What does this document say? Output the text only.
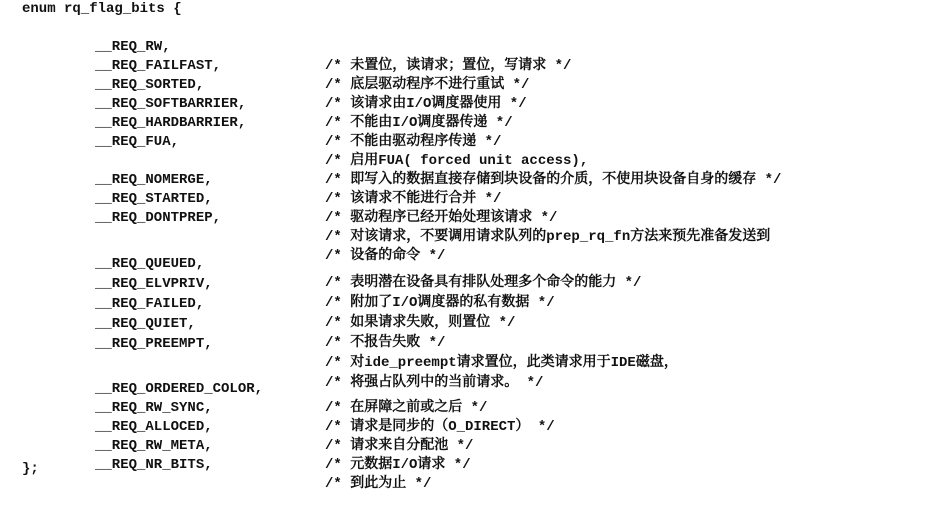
enum rq_flag_bits {

__REQ_RW,

/* 未置位，读请求；置位，写请求 */

__REQ_FAILFAST,

/* 底层驱动程序不进行重试 */

__REQ_SORTED,

/* 该请求由I/O调度器使用 */

__REQ_SOFTBARRIER,

/* 不能由I/O调度器传递 */

__REQ_HARDBARRIER,

/* 不能由驱动程序传递 */

__REQ_FUA,

/* 启用FUA( forced unit access),

/* 即写入的数据直接存储到块设备的介质，不使用块设备自身的缓存 */

__REQ_NOMERGE,

/* 该请求不能进行合并 */

__REQ_STARTED,

/* 驱动程序已经开始处理该请求 */

__REQ_DONTPREP,

/* 对该请求，不要调用请求队列的prep_rq_fn方法来预先准备发送到

/* 设备的命令 */

__REQ_QUEUED,

/* 表明潜在设备具有排队处理多个命令的能力 */

__REQ_ELVPRIV,

/* 附加了I/O调度器的私有数据 */

__REQ_FAILED,

/* 如果请求失败，则置位 */

__REQ_QUIET,

/* 不报告失败 */

__REQ_PREEMPT,

/* 对ide_preempt请求置位，此类请求用于IDE磁盘，

/* 将强占队列中的当前请求。 */

__REQ_ORDERED_COLOR,

/* 在屏障之前或之后 */

__REQ_RW_SYNC,

/* 请求是同步的（O_DIRECT） */

__REQ_ALLOCED,

/* 请求来自分配池 */

__REQ_RW_META,

/* 元数据I/O请求 */

__REQ_NR_BITS,

/* 到此为止 */

};
